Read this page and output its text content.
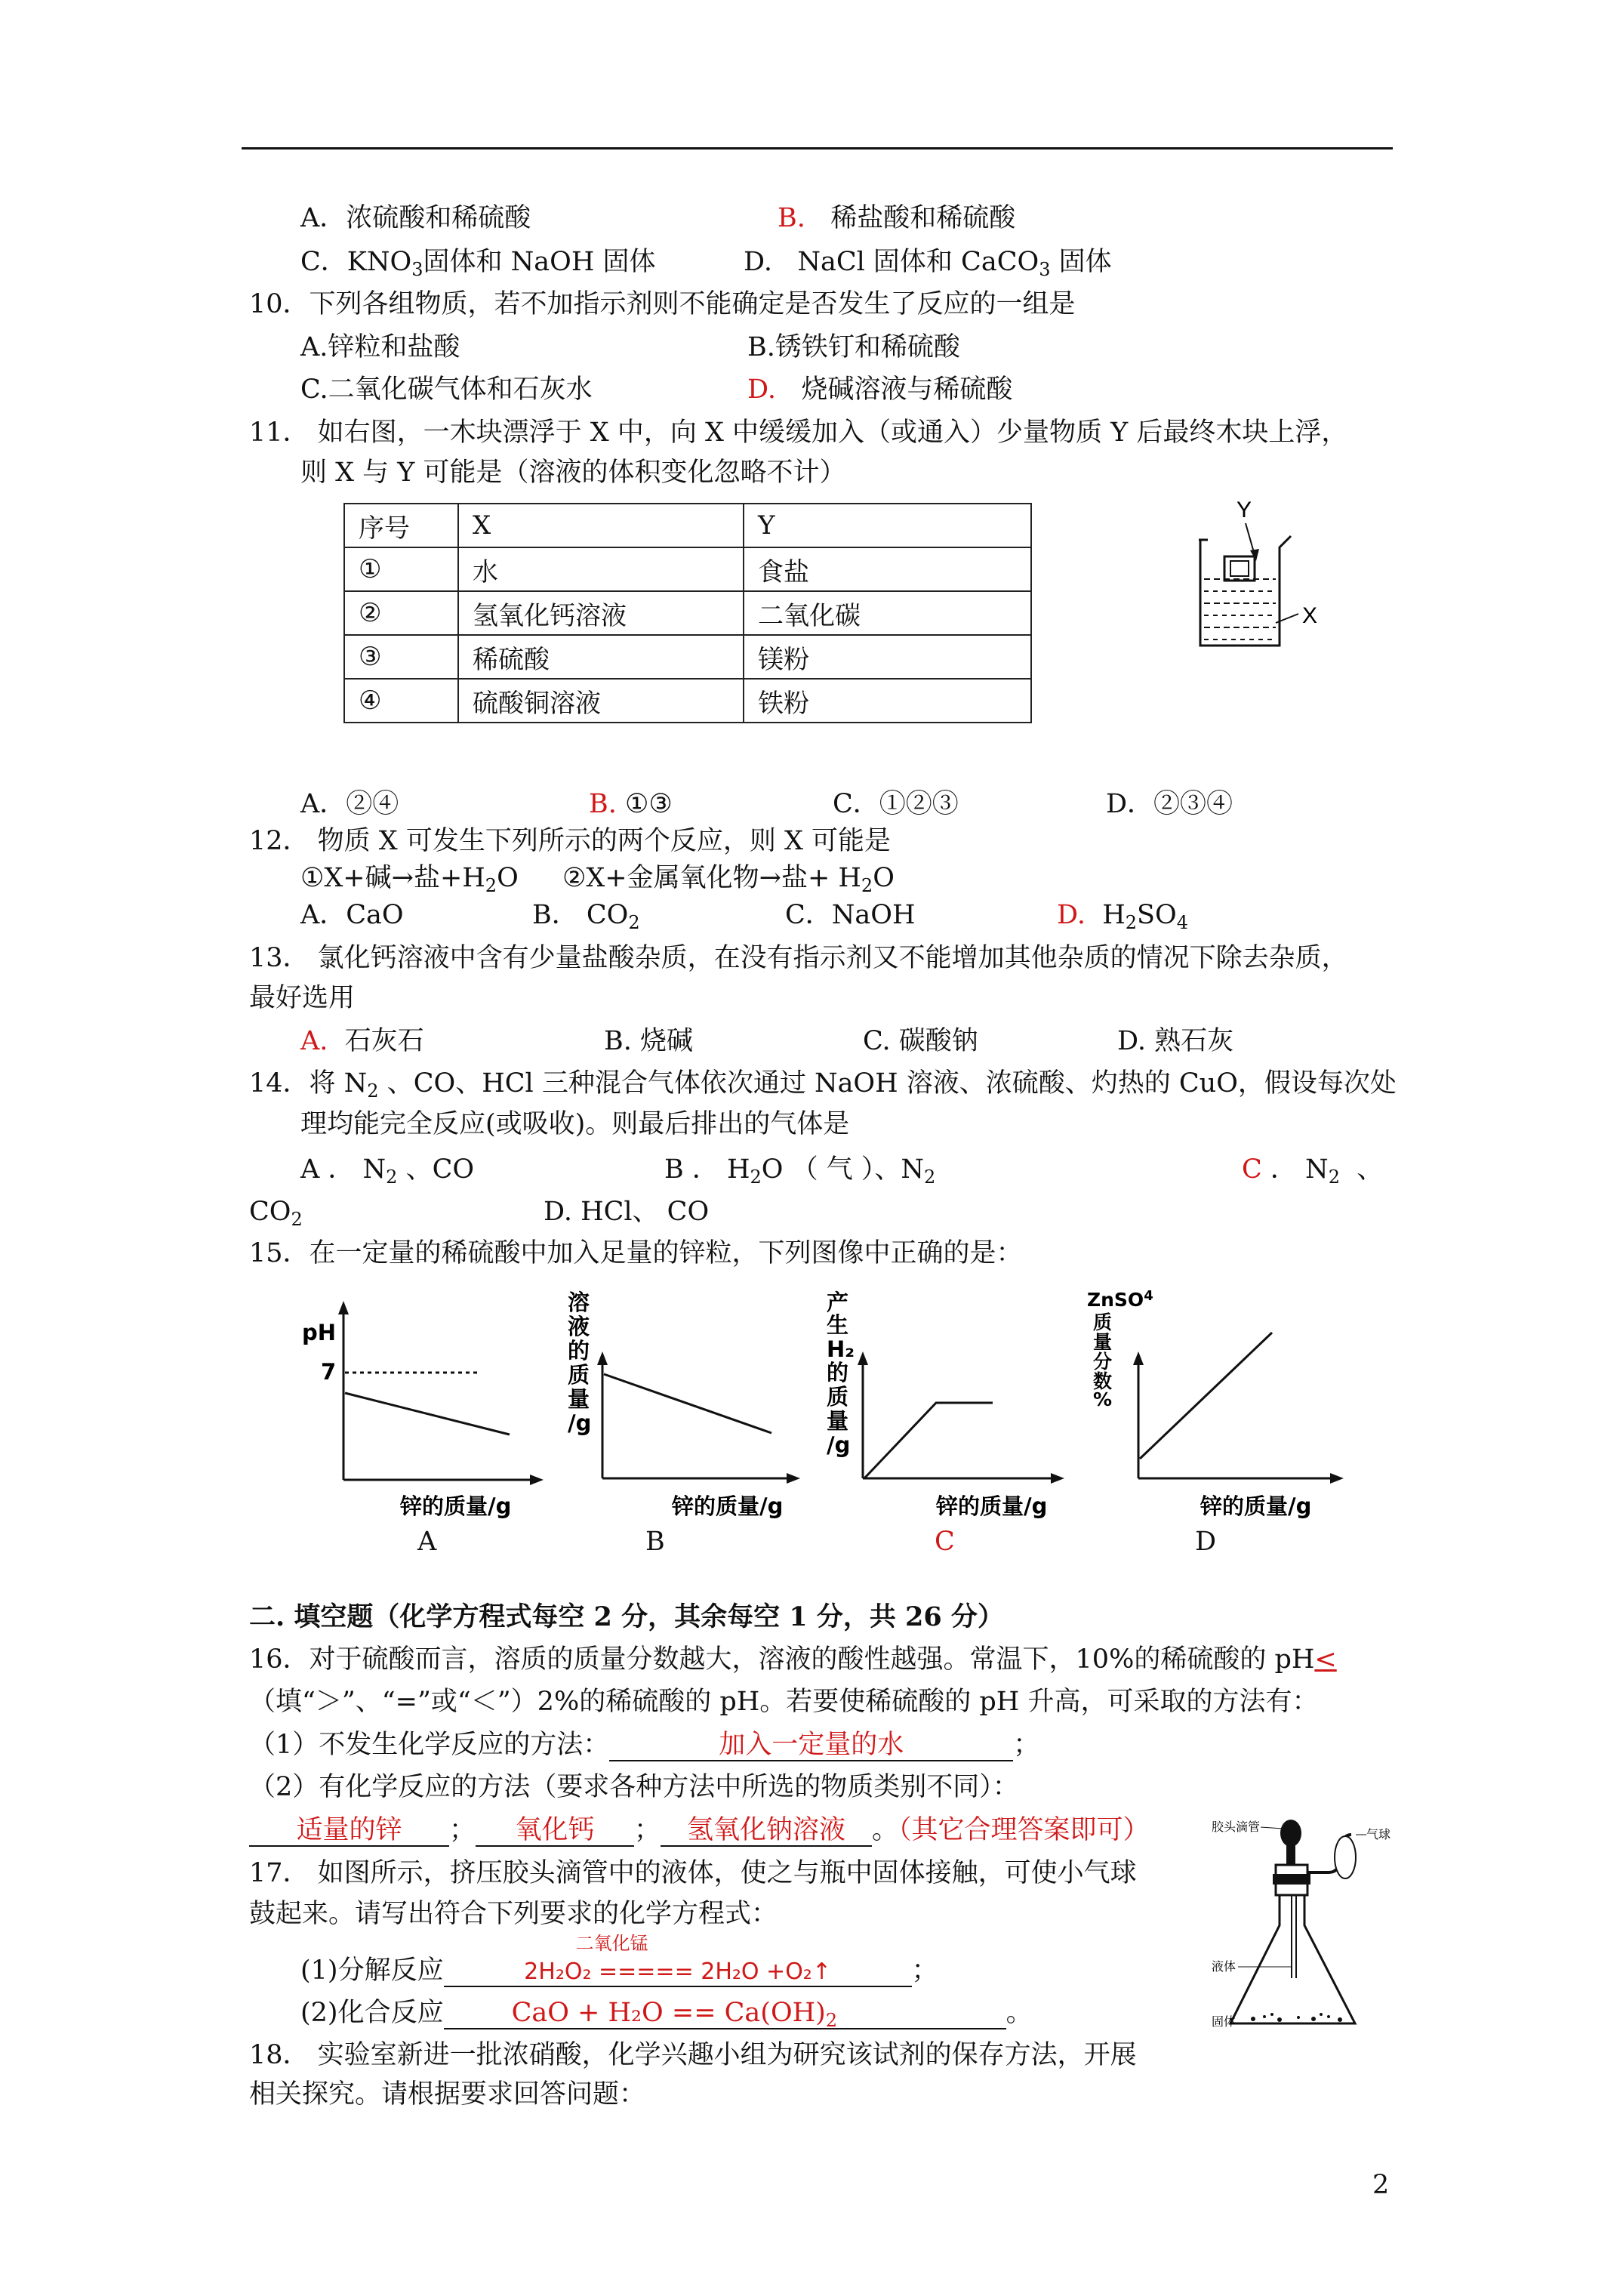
A．浓硫酸和稀硫酸	B. 稀盐酸和稀硫酸
C．$KNO_3$固体和 NaOH 固体	D. NaCl 固体和 CaCO$_3$ 固体
10．下列各组物质，若不加指示剂则不能确定是否发生了反应的一组是
A.锌粒和盐酸	B.锈铁钉和稀硫酸
C.二氧化碳气体和石灰水	D. 烧碱溶液与稀硫酸
11． 如右图，一木块漂浮于 X 中，向 X 中缓缓加入（或通入）少量物质 Y 后最终木块上浮，
则 X 与 Y 可能是（溶液的体积变化忽略不计）
序号	X	Y
①	水	食盐
②	氢氧化钙溶液	二氧化碳
③	稀硫酸	镁粉
④	硫酸铜溶液	铁粉
Y
X
A．②④	B. ①③	C．①②③	D．②③④
12． 物质 X 可发生下列所示的两个反应，则 X 可能是
①X+碱→盐$+H_2O$ ②X+金属氧化物→盐+ $H_2O$
A．CaO	B． $CO_2$	C．NaOH	D. $H_2SO_4$
13． 氯化钙溶液中含有少量盐酸杂质，在没有指示剂又不能增加其他杂质的情况下除去杂质，
最好选用
A. 石灰石	B. 烧碱	C. 碳酸钠	D. 熟石灰
14．将 $N_2$ 、CO、HCl 三种混合气体依次通过 NaOH 溶液、浓硫酸、灼热的 CuO，假设每次处
理均能完全反应(或吸收)。则最后排出的气体是
A ． $N_2$ 、CO	B ． $H_2O$ （ 气 ）、$N_2$	C ． $N_2$ 、
$CO_2$	D. HCl、 CO
15．在一定量的稀硫酸中加入足量的锌粒，下列图像中正确的是：
pH
7
锌的质量/g
A
溶
液
的
质
量
/g
锌的质量/g
B
产
生
H₂
的
质
量
/g
锌的质量/g
C
ZnSO$^4$
质
量
分
数
%
锌的质量/g
D
二. 填空题（化学方程式每空 2 分，其余每空 1 分，共 26 分）
16．对于硫酸而言，溶质的质量分数越大，溶液的酸性越强。常温下，10%的稀硫酸的 pH<
（填“＞”、“=”或“＜”）2%的稀硫酸的 pH。若要使稀硫酸的 pH 升高，可采取的方法有：
（1）不发生化学反应的方法：	加入一定量的水	；
（2）有化学反应的方法（要求各种方法中所选的物质类别不同）：
适量的锌 ； 氧化钙 ； 氢氧化钠溶液 。（其它合理答案即可）
17． 如图所示，挤压胶头滴管中的液体，使之与瓶中固体接触，可使小气球
鼓起来。请写出符合下列要求的化学方程式：
(1)分解反应
二氧化锰
2H₂O₂ ===== 2H₂O +O₂↑	；
(2)化合反应	CaO + $H_2O == Ca(OH)_2$	。
胶头滴管
气球
液体
固体
18． 实验室新进一批浓硝酸，化学兴趣小组为研究该试剂的保存方法，开展
相关探究。请根据要求回答问题：
2
